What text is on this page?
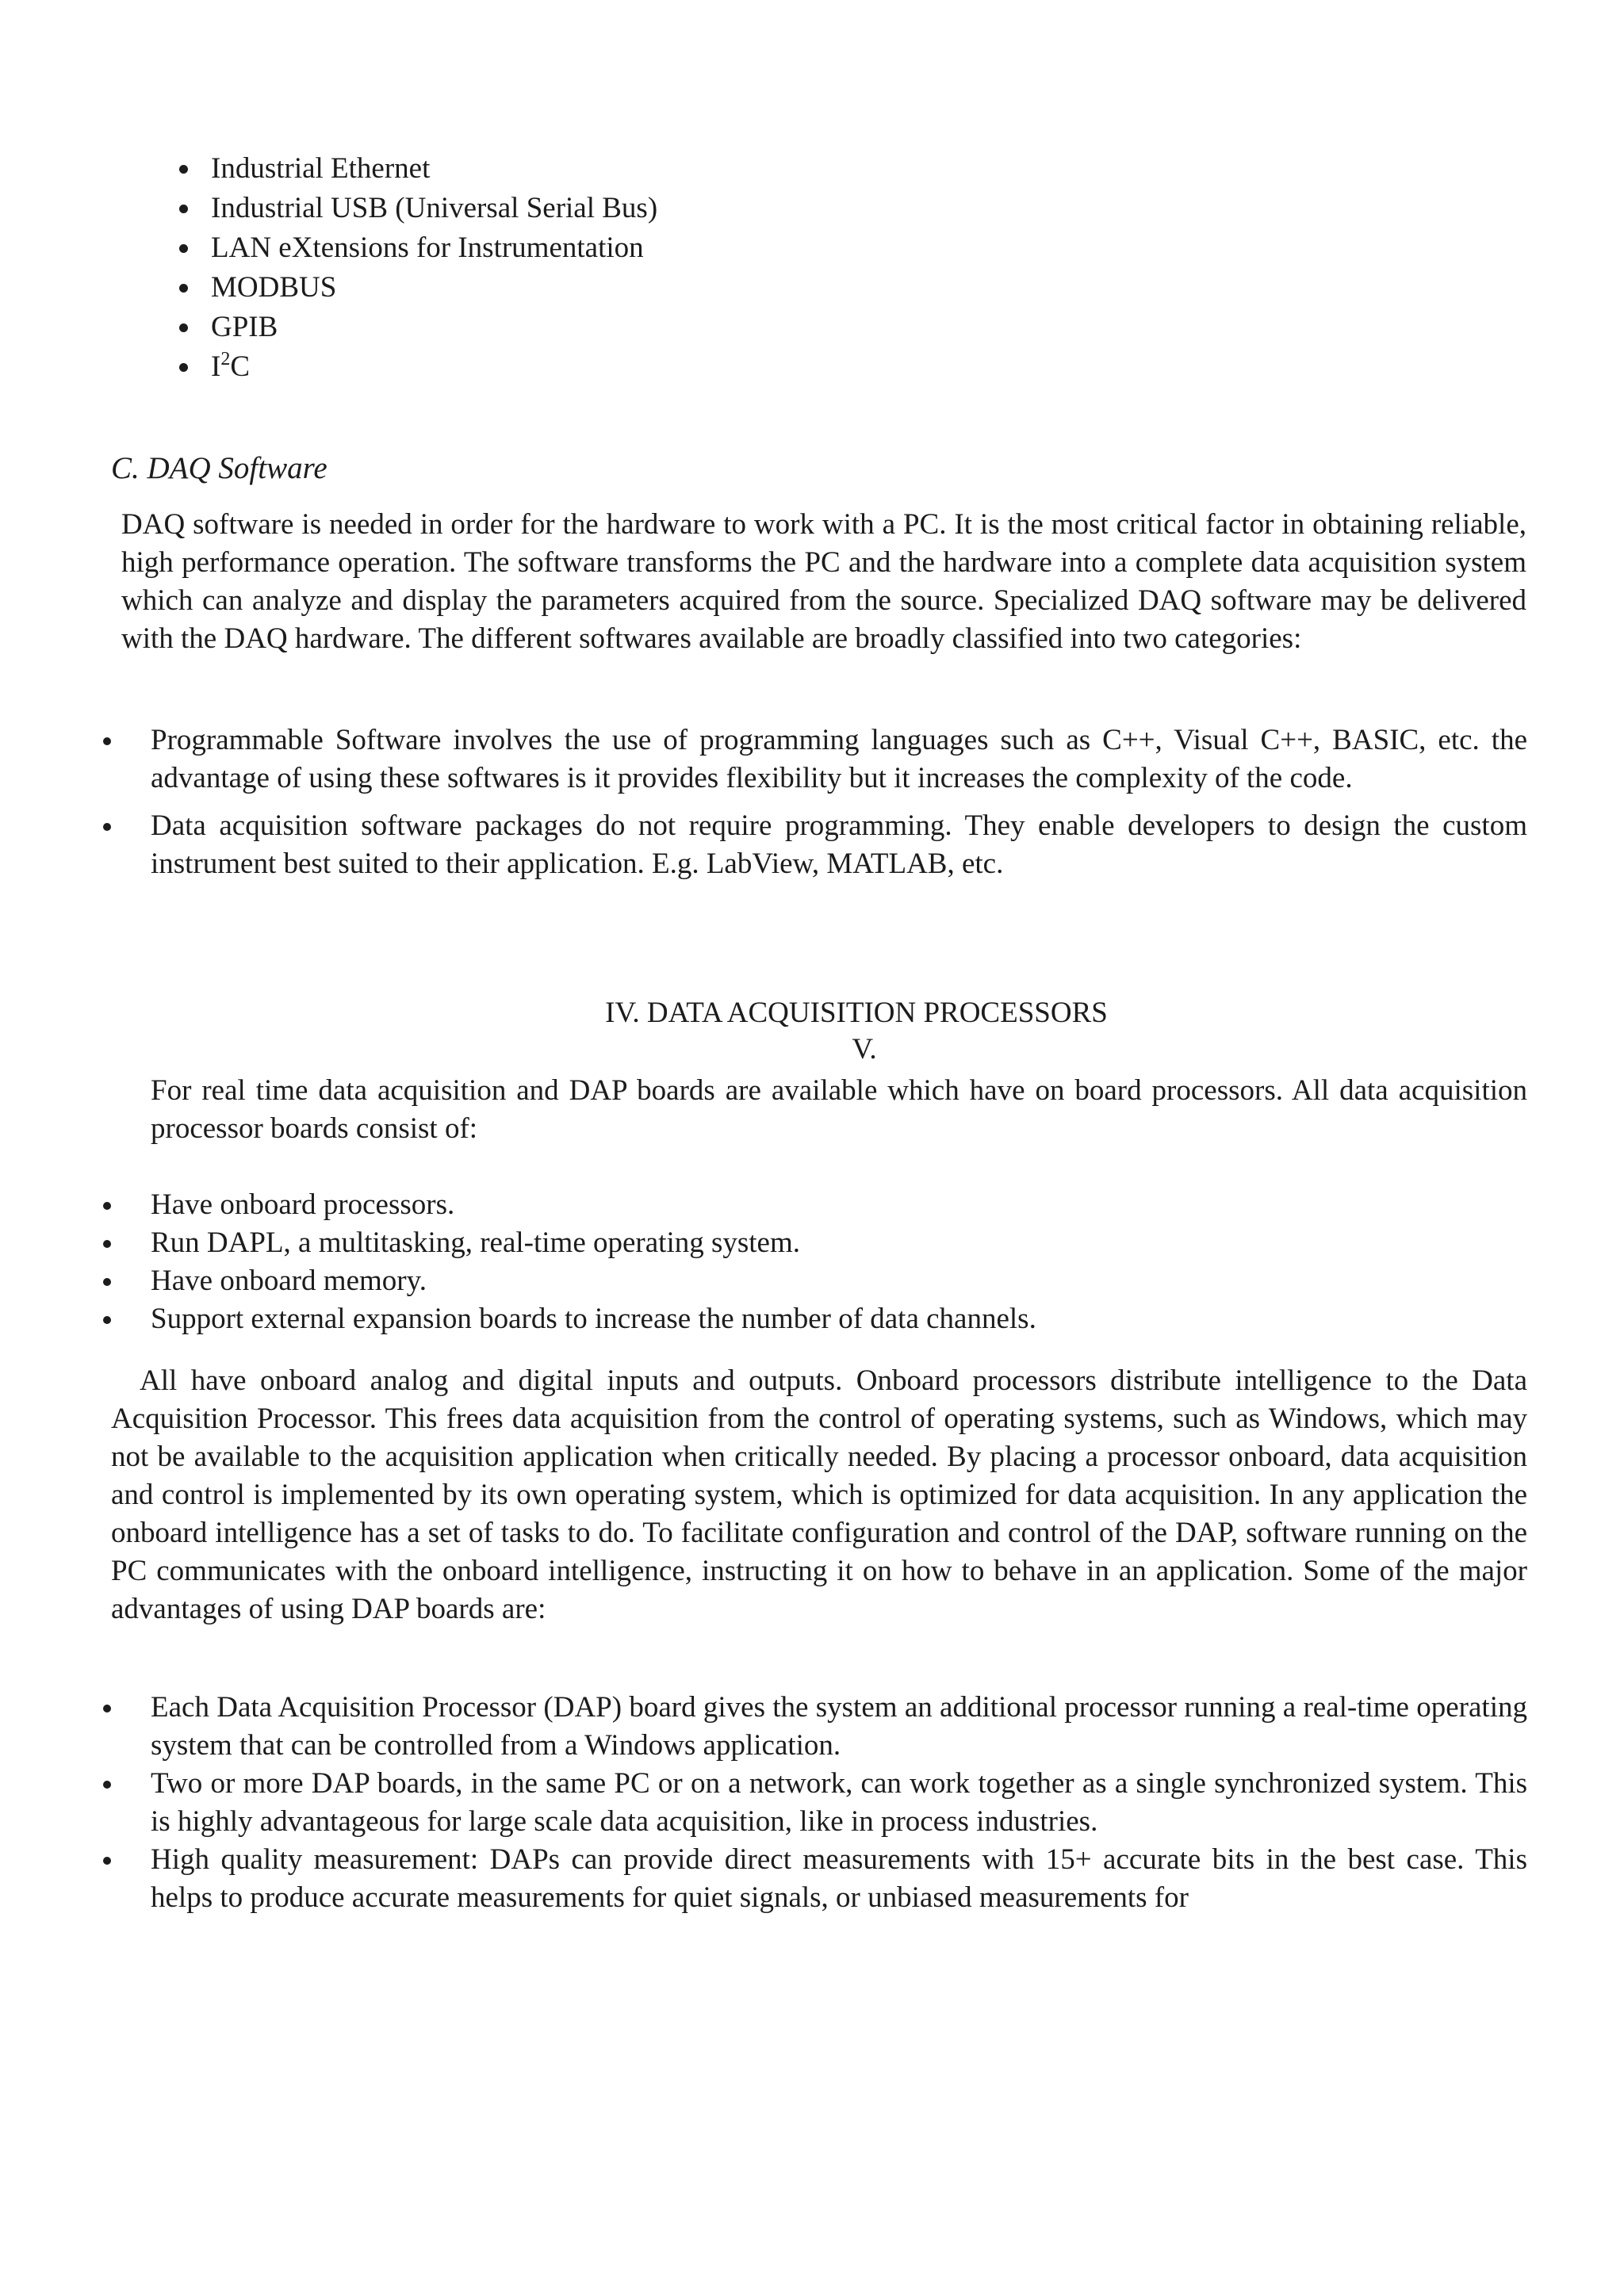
Industrial Ethernet
Industrial USB (Universal Serial Bus)
LAN eXtensions for Instrumentation
MODBUS
GPIB
$I^2C$
C. DAQ Software

DAQ software is needed in order for the hardware to work with a PC. It is the most critical factor in obtaining reliable, high performance operation. The software transforms the PC and the hardware into a complete data acquisition system which can analyze and display the parameters acquired from the source. Specialized DAQ software may be delivered with the DAQ hardware. The different softwares available are broadly classified into two categories:

Programmable Software involves the use of programming languages such as C++, Visual C++, BASIC, etc. the advantage of using these softwares is it provides flexibility but it increases the complexity of the code.
Data acquisition software packages do not require programming. They enable developers to design the custom instrument best suited to their application. E.g. LabView, MATLAB, etc.
IV. DATA ACQUISITION PROCESSORS
V.

For real time data acquisition and DAP boards are available which have on board processors. All data acquisition processor boards consist of:

Have onboard processors.
Run DAPL, a multitasking, real-time operating system.
Have onboard memory.
Support external expansion boards to increase the number of data channels.

All have onboard analog and digital inputs and outputs. Onboard processors distribute intelligence to the Data Acquisition Processor. This frees data acquisition from the control of operating systems, such as Windows, which may not be available to the acquisition application when critically needed. By placing a processor onboard, data acquisition and control is implemented by its own operating system, which is optimized for data acquisition. In any application the onboard intelligence has a set of tasks to do. To facilitate configuration and control of the DAP, software running on the PC communicates with the onboard intelligence, instructing it on how to behave in an application. Some of the major advantages of using DAP boards are:

Each Data Acquisition Processor (DAP) board gives the system an additional processor running a real-time operating system that can be controlled from a Windows application.
Two or more DAP boards, in the same PC or on a network, can work together as a single synchronized system. This is highly advantageous for large scale data acquisition, like in process industries.
High quality measurement: DAPs can provide direct measurements with 15+ accurate bits in the best case. This helps to produce accurate measurements for quiet signals, or unbiased measurements for
